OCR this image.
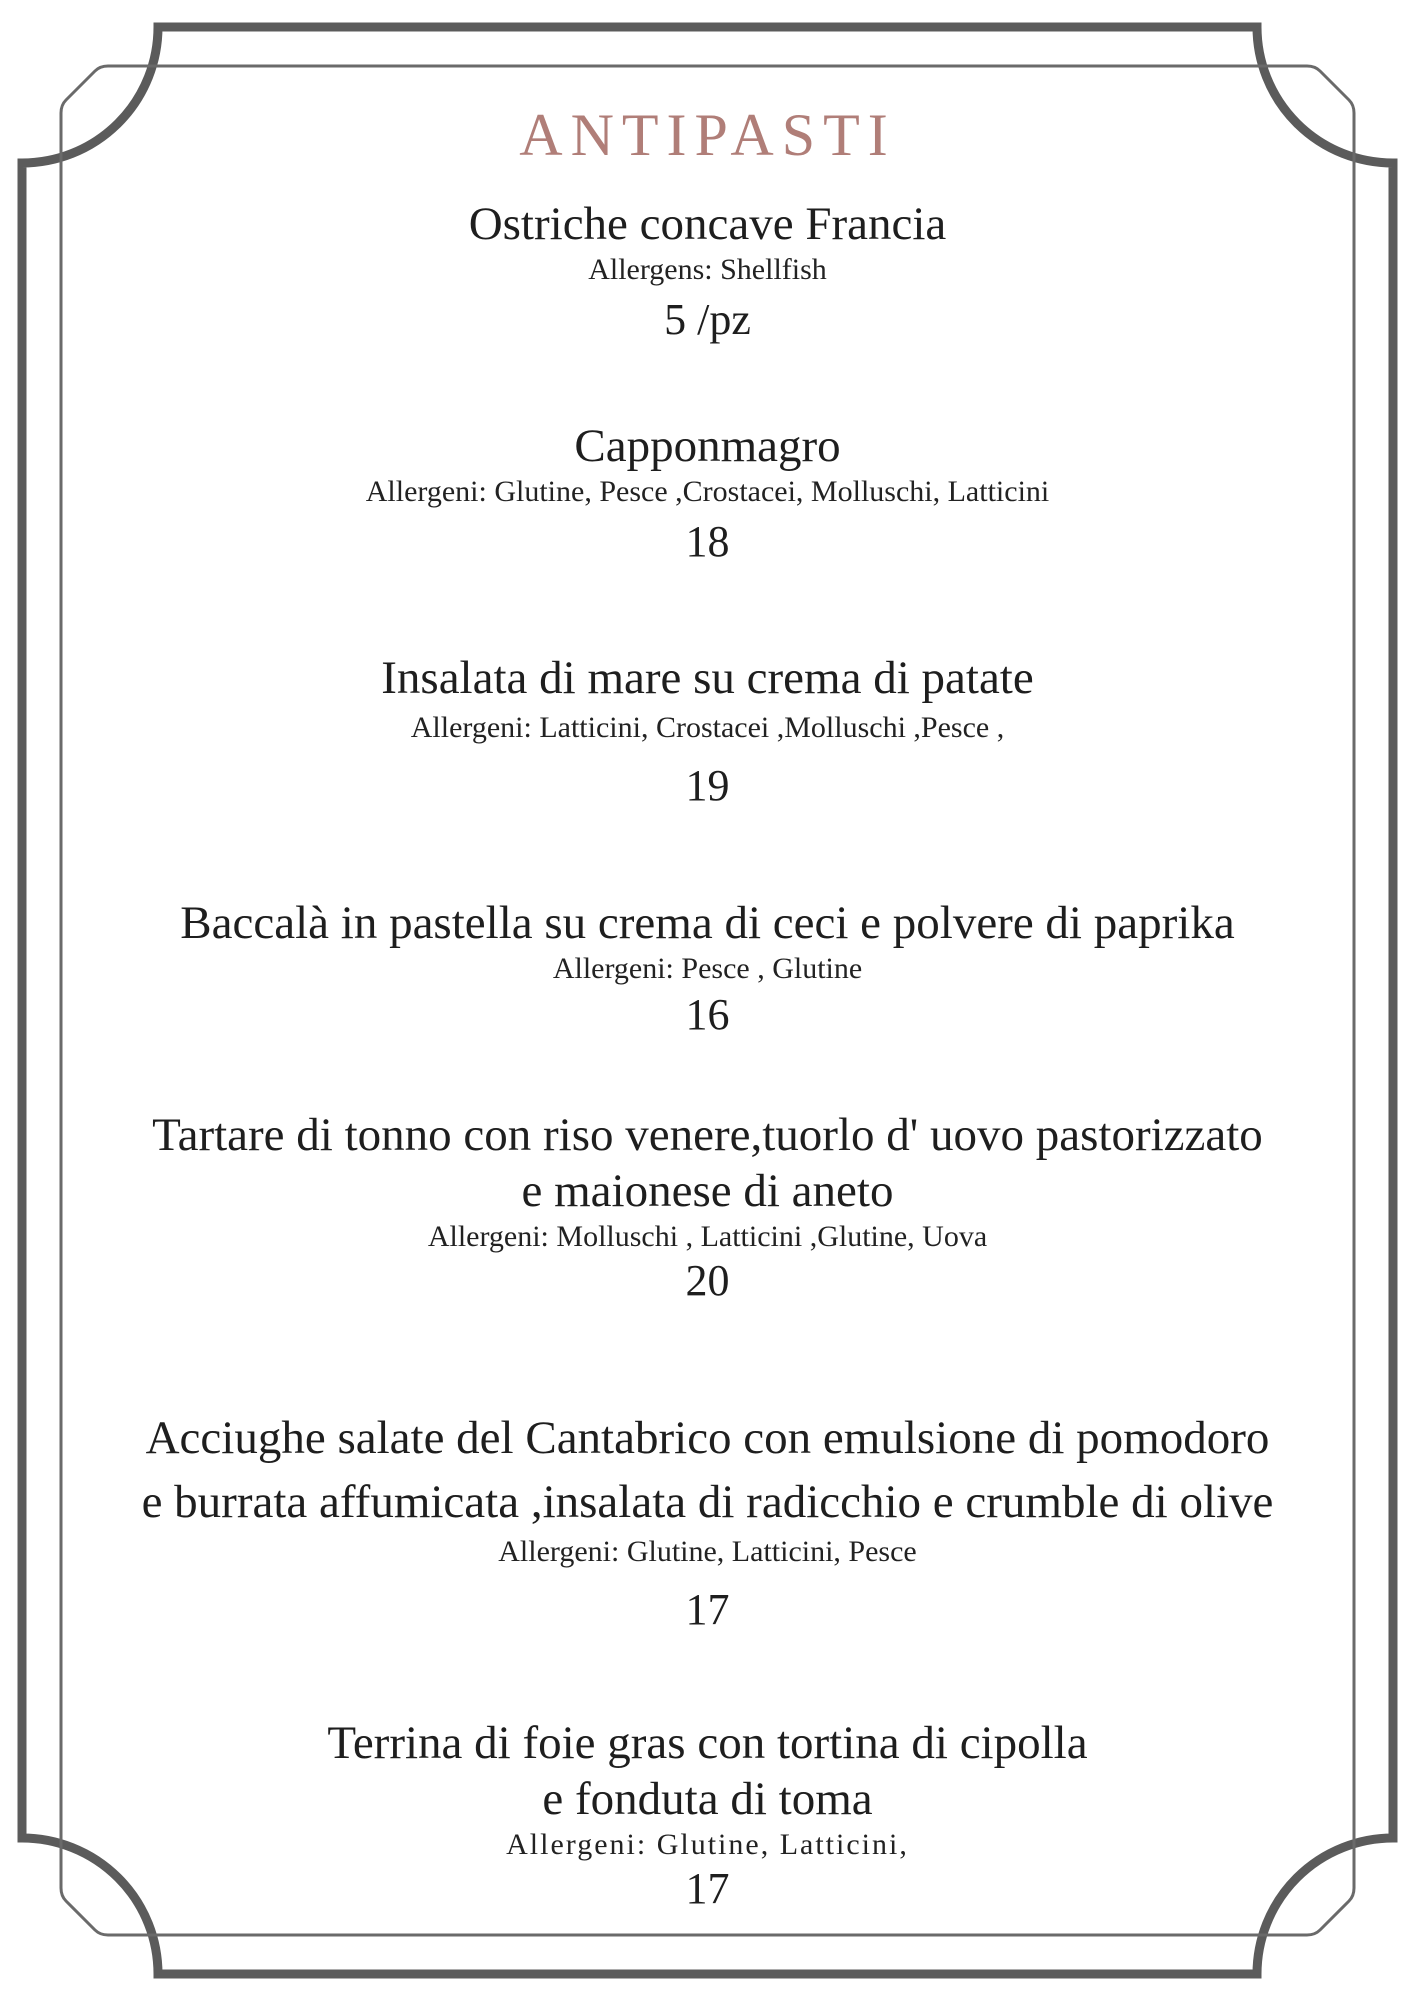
ANTIPASTI
Ostriche concave Francia
Allergens: Shellfish
5 /pz
Capponmagro
Allergeni: Glutine, Pesce ,Crostacei, Molluschi, Latticini
18
Insalata di mare su crema di patate
Allergeni: Latticini, Crostacei ,Molluschi ,Pesce ,
19
Baccalà in pastella su crema di ceci e polvere di paprika
Allergeni: Pesce , Glutine
16
Tartare di tonno con riso venere,tuorlo d' uovo pastorizzato
e maionese di aneto
Allergeni: Molluschi , Latticini ,Glutine, Uova
20
Acciughe salate del Cantabrico con emulsione di pomodoro
e burrata affumicata ,insalata di radicchio e crumble di olive
Allergeni: Glutine, Latticini, Pesce
17
Terrina di foie gras con tortina di cipolla
e fonduta di toma
Allergeni: Glutine, Latticini,
17
